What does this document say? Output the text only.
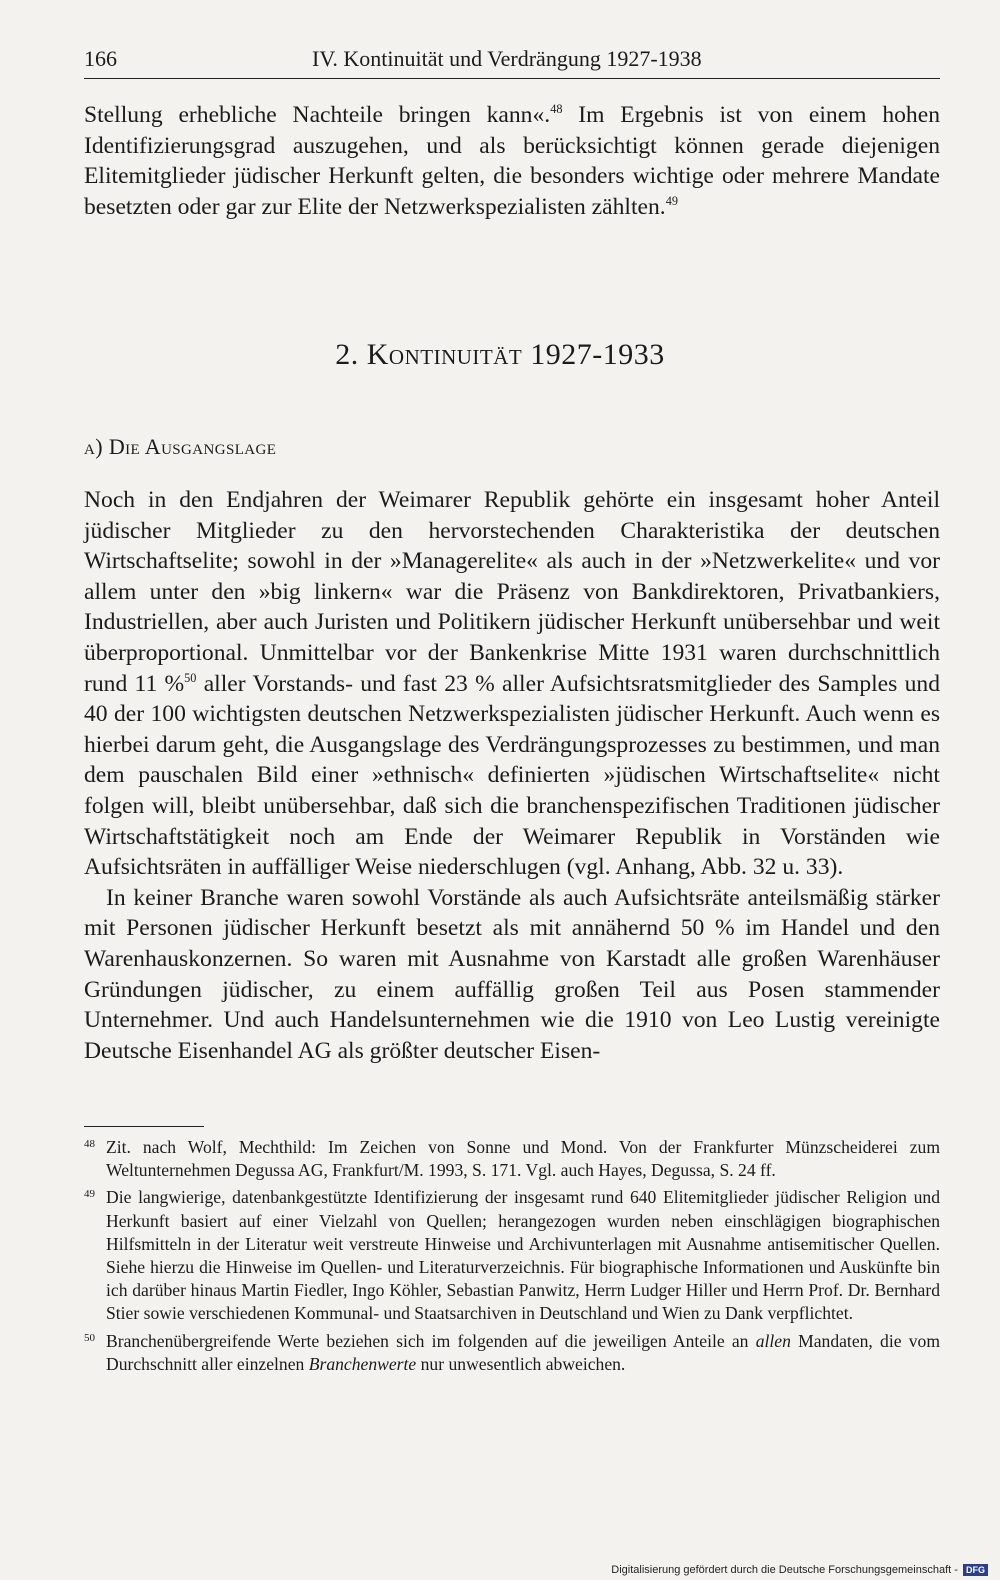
166	IV. Kontinuität und Verdrängung 1927-1938

Stellung erhebliche Nachteile bringen kann«.$^{48}$ Im Ergebnis ist von einem hohen Identifizierungsgrad auszugehen, und als berücksichtigt können gerade diejenigen Elitemitglieder jüdischer Herkunft gelten, die besonders wichtige oder mehrere Mandate besetzten oder gar zur Elite der Netzwerkspezialisten zählten.$^{49}$

2. Kontinuität 1927-1933
a) Die Ausgangslage

Noch in den Endjahren der Weimarer Republik gehörte ein insgesamt hoher Anteil jüdischer Mitglieder zu den hervorstechenden Charakteristika der deutschen Wirtschaftselite; sowohl in der »Managerelite« als auch in der »Netzwerkelite« und vor allem unter den »big linkern« war die Präsenz von Bankdirektoren, Privatbankiers, Industriellen, aber auch Juristen und Politikern jüdischer Herkunft unübersehbar und weit überproportional. Unmittelbar vor der Bankenkrise Mitte 1931 waren durchschnittlich rund 11 %$^{50}$ aller Vorstands- und fast 23 % aller Aufsichtsratsmitglieder des Samples und 40 der 100 wichtigsten deutschen Netzwerkspezialisten jüdischer Herkunft. Auch wenn es hierbei darum geht, die Ausgangslage des Verdrängungsprozesses zu bestimmen, und man dem pauschalen Bild einer »ethnisch« definierten »jüdischen Wirtschaftselite« nicht folgen will, bleibt unübersehbar, daß sich die branchenspezifischen Traditionen jüdischer Wirtschaftstätigkeit noch am Ende der Weimarer Republik in Vorständen wie Aufsichtsräten in auffälliger Weise niederschlugen (vgl. Anhang, Abb. 32 u. 33).

In keiner Branche waren sowohl Vorstände als auch Aufsichtsräte anteilsmäßig stärker mit Personen jüdischer Herkunft besetzt als mit annähernd 50 % im Handel und den Warenhauskonzernen. So waren mit Ausnahme von Karstadt alle großen Warenhäuser Gründungen jüdischer, zu einem auffällig großen Teil aus Posen stammender Unternehmer. Und auch Handelsunternehmen wie die 1910 von Leo Lustig vereinigte Deutsche Eisenhandel AG als größter deutscher Eisen-

48 Zit. nach Wolf, Mechthild: Im Zeichen von Sonne und Mond. Von der Frankfurter Münzscheiderei zum Weltunternehmen Degussa AG, Frankfurt/M. 1993, S. 171. Vgl. auch Hayes, Degussa, S. 24 ff.
49 Die langwierige, datenbankgestützte Identifizierung der insgesamt rund 640 Elitemitglieder jüdischer Religion und Herkunft basiert auf einer Vielzahl von Quellen; herangezogen wurden neben einschlägigen biographischen Hilfsmitteln in der Literatur weit verstreute Hinweise und Archivunterlagen mit Ausnahme antisemitischer Quellen. Siehe hierzu die Hinweise im Quellen- und Literaturverzeichnis. Für biographische Informationen und Auskünfte bin ich darüber hinaus Martin Fiedler, Ingo Köhler, Sebastian Panwitz, Herrn Ludger Hiller und Herrn Prof. Dr. Bernhard Stier sowie verschiedenen Kommunal- und Staatsarchiven in Deutschland und Wien zu Dank verpflichtet.
50 Branchenübergreifende Werte beziehen sich im folgenden auf die jeweiligen Anteile an allen Mandaten, die vom Durchschnitt aller einzelnen Branchenwerte nur unwesentlich abweichen.
Digitalisierung gefördert durch die Deutsche Forschungsgemeinschaft - DFG
